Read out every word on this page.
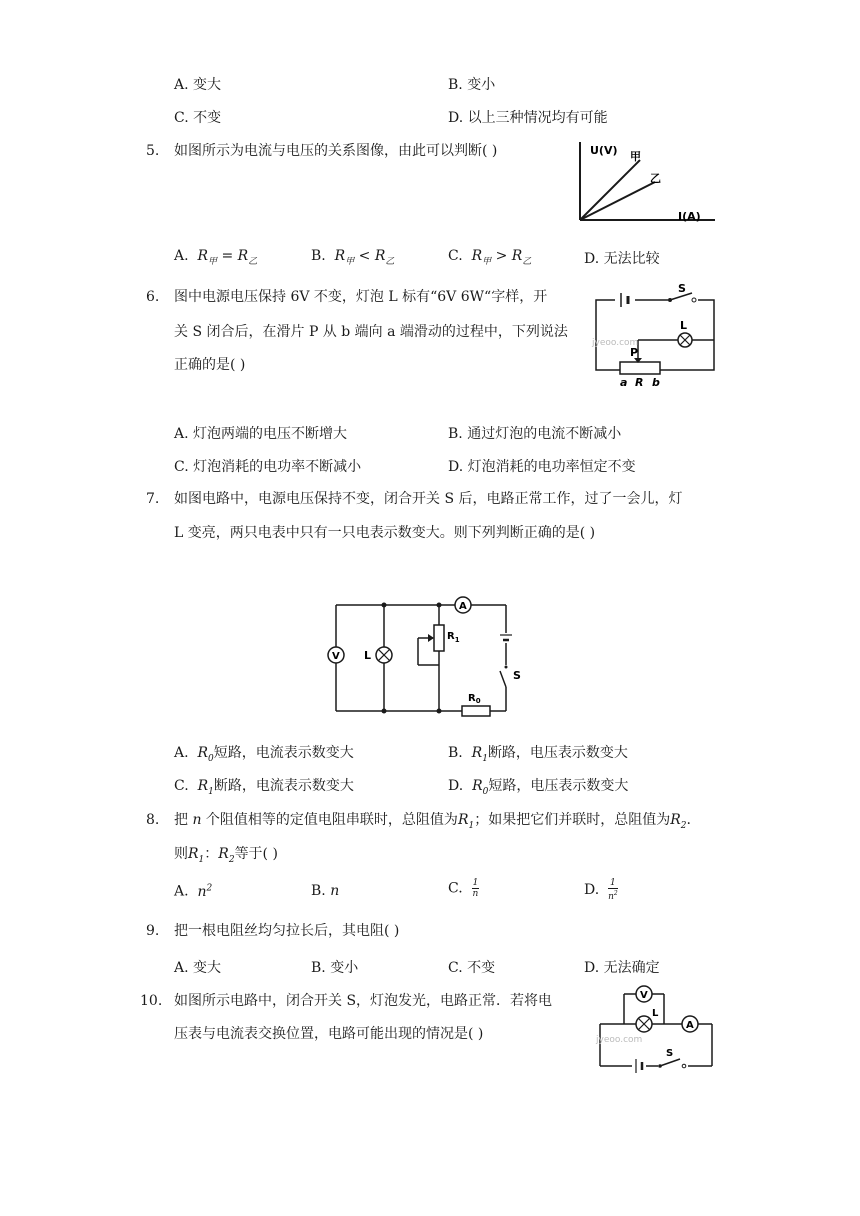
A. 变大	B. 变小
C. 不变	D. 以上三种情况均有可能
5. 如图所示为电流与电压的关系图像，由此可以判断( )	U(V) 甲
乙
I(A)
A. $R_甲 = R_乙$	B. $R_甲 < R_乙$	C. $R_甲 > R_乙$	D. 无法比较
6. 图中电源电压保持 6V 不变，灯泡 L 标有“6V 6W“字样，开
关 S 闭合后，在滑片 P 从 b 端向 a 端滑动的过程中，下列说法
正确的是( )
S
L
P
a R b
jyeoo.com
A. 灯泡两端的电压不断增大	B. 通过灯泡的电流不断减小
C. 灯泡消耗的电功率不断减小	D. 灯泡消耗的电功率恒定不变
7. 如图电路中，电源电压保持不变，闭合开关 S 后，电路正常工作，过了一会儿，灯
L 变亮，两只电表中只有一只电表示数变大。则下列判断正确的是( )
V L
A
$R_1$
S
$R_0$
A. $R_0$短路，电流表示数变大	B. $R_1$断路，电压表示数变大
C. $R_1$断路，电流表示数变大	D. $R_0$短路，电压表示数变大
8. 把 n 个阻值相等的定值电阻串联时，总阻值为$R_1$；如果把它们并联时，总阻值为$R_2$.
则$R_1$：$R_2$等于( )
A. $n^2$	B. n	C. $\frac{1}{n}$	D. $\frac{1}{n^2}$
9. 把一根电阻丝均匀拉长后，其电阻( )
A. 变大	B. 变小	C. 不变	D. 无法确定
10. 如图所示电路中，闭合开关 S，灯泡发光，电路正常．若将电
压表与电流表交换位置，电路可能出现的情况是( )
V
L
A
S
jyeoo.com
